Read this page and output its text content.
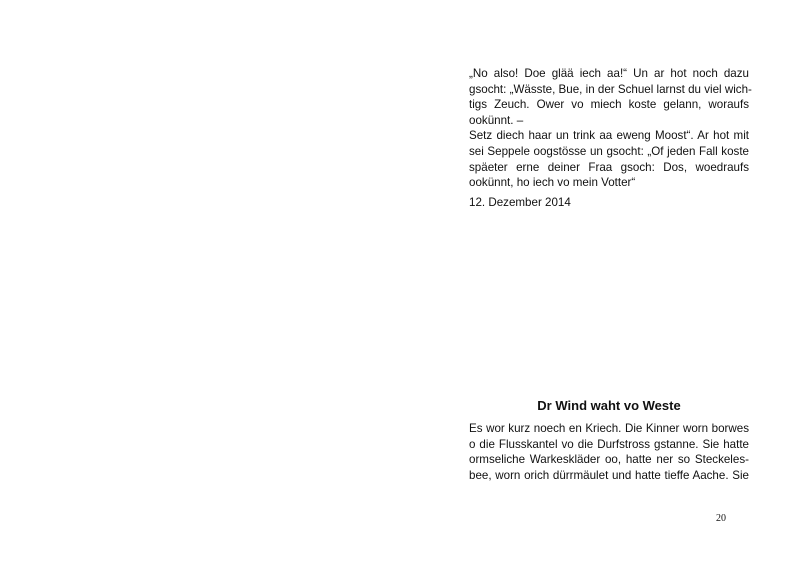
„No also! Doe glää iech aa!“ Un ar hot noch dazu

gsocht: „Wässte, Bue, in der Schuel larnst du viel wich-

tigs Zeuch. Ower vo miech koste gelann, woraufs

ookünnt. –

Setz diech haar un trink aa eweng Moost“. Ar hot mit

sei Seppele oogstösse un gsocht: „Of jeden Fall koste

späeter erne deiner Fraa gsoch: Dos, woedraufs

ookünnt, ho iech vo mein Votter“

12. Dezember 2014
Dr Wind waht vo Weste

Es wor kurz noech en Kriech. Die Kinner worn borwes

o die Flusskantel vo die Durfstross gstanne. Sie hatte

ormseliche Warkeskläder oo, hatte ner so Steckeles-

bee, worn orich dürrmäulet und hatte tieffe Aache. Sie

20
